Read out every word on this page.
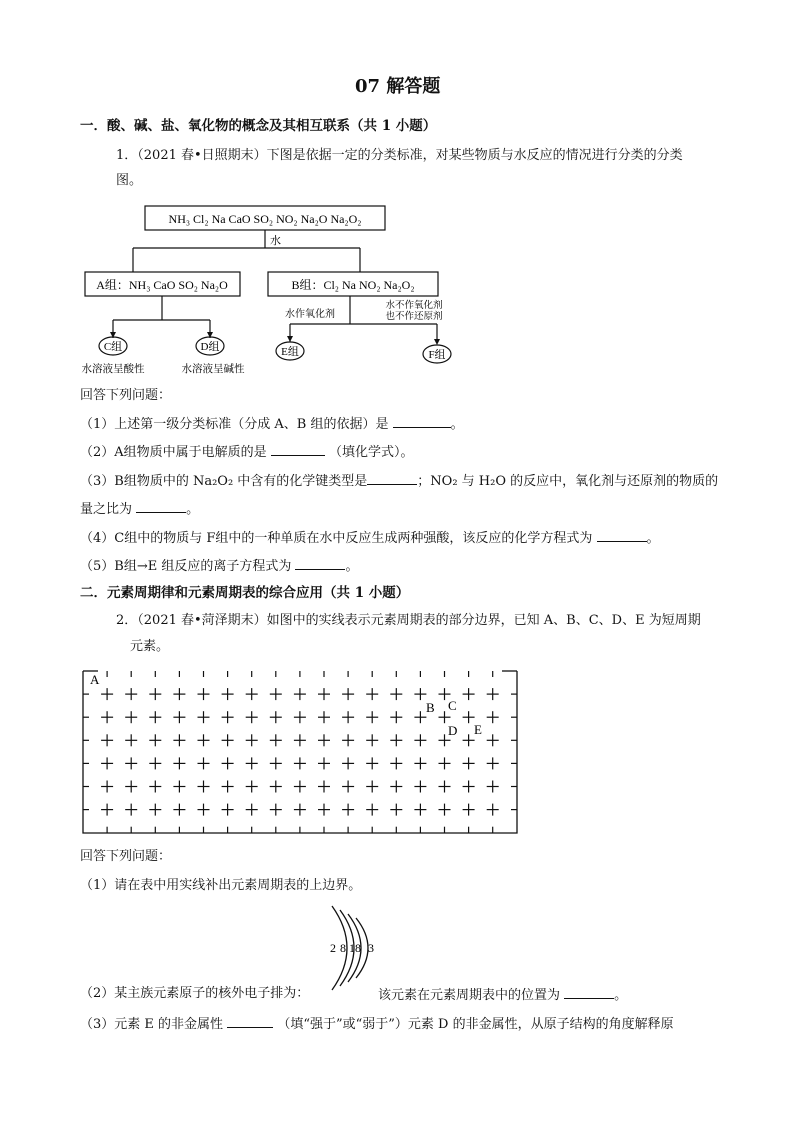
07 解答题
一．酸、碱、盐、氧化物的概念及其相互联系（共 1 小题）
1．（2021 春•日照期末）下图是依据一定的分类标准，对某些物质与水反应的情况进行分类的分类
图。
NH₃ Cl₂ Na CaO SO₂ NO₂ Na₂O Na₂O₂
水
A组：NH₃ CaO SO₂ Na₂O	B组：Cl₂ Na NO₂ Na₂O₂
C组	D组	E组	F组
水溶液呈酸性	水溶液呈碱性
水作氧化剂
水不作氧化剂
也不作还原剂
回答下列问题：
（1）上述第一级分类标准（分成 A、B 组的依据）是	。
（2）A组物质中属于电解质的是	（填化学式）。
（3）B组物质中的 Na₂O₂ 中含有的化学键类型是	；NO₂ 与 H₂O 的反应中，氧化剂与还原剂的物质的
量之比为	。
（4）C组中的物质与 F组中的一种单质在水中反应生成两种强酸，该反应的化学方程式为	。
（5）B组→E 组反应的离子方程式为	。
二．元素周期律和元素周期表的综合应用（共 1 小题）
2．（2021 春•菏泽期末）如图中的实线表示元素周期表的部分边界，已知 A、B、C、D、E 为短周期
元素。
A
B C
D E
回答下列问题：
（1）请在表中用实线补出元素周期表的上边界。
2 8 18 3
（2）某主族元素原子的核外电子排为：	该元素在元素周期表中的位置为	。
（3）元素 E 的非金属性	（填“强于”或“弱于”）元素 D 的非金属性，从原子结构的角度解释原
